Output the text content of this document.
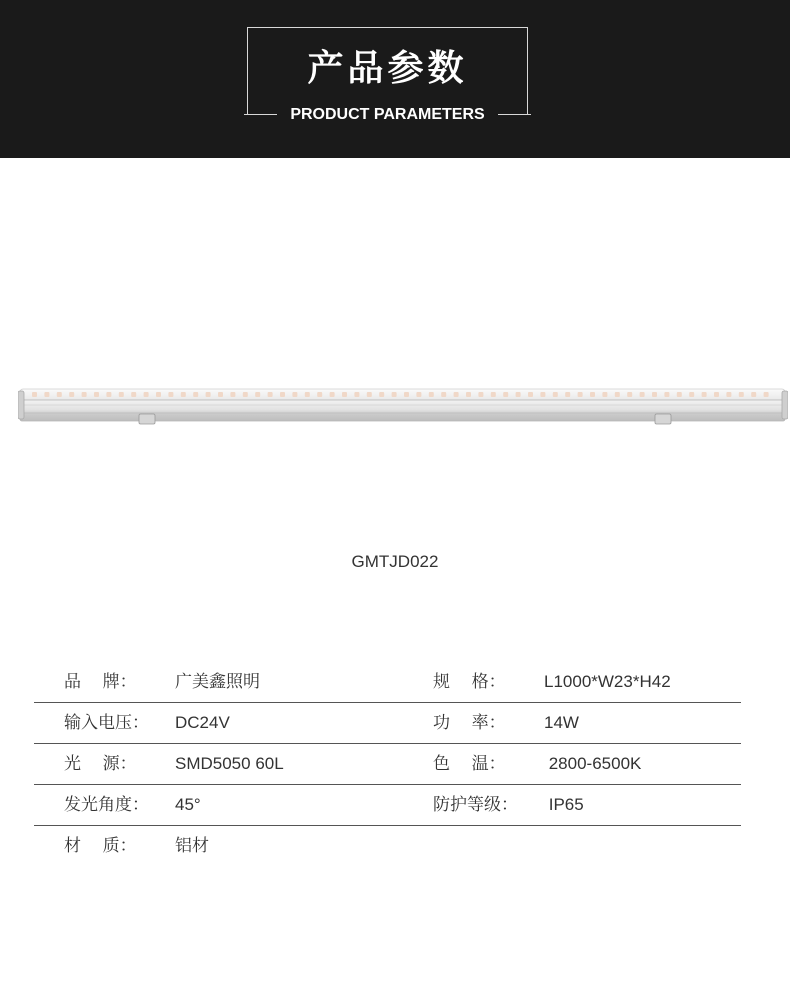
产品参数
PRODUCT PARAMETERS
GMTJD022
品    牌： 广美鑫照明	规    格： L1000*W23*H42
输入电压： DC24V	功    率： 14W
光    源： SMD5050 60L	色    温： 2800-6500K
发光角度： 45°	防护等级： IP65
材    质： 铝材
